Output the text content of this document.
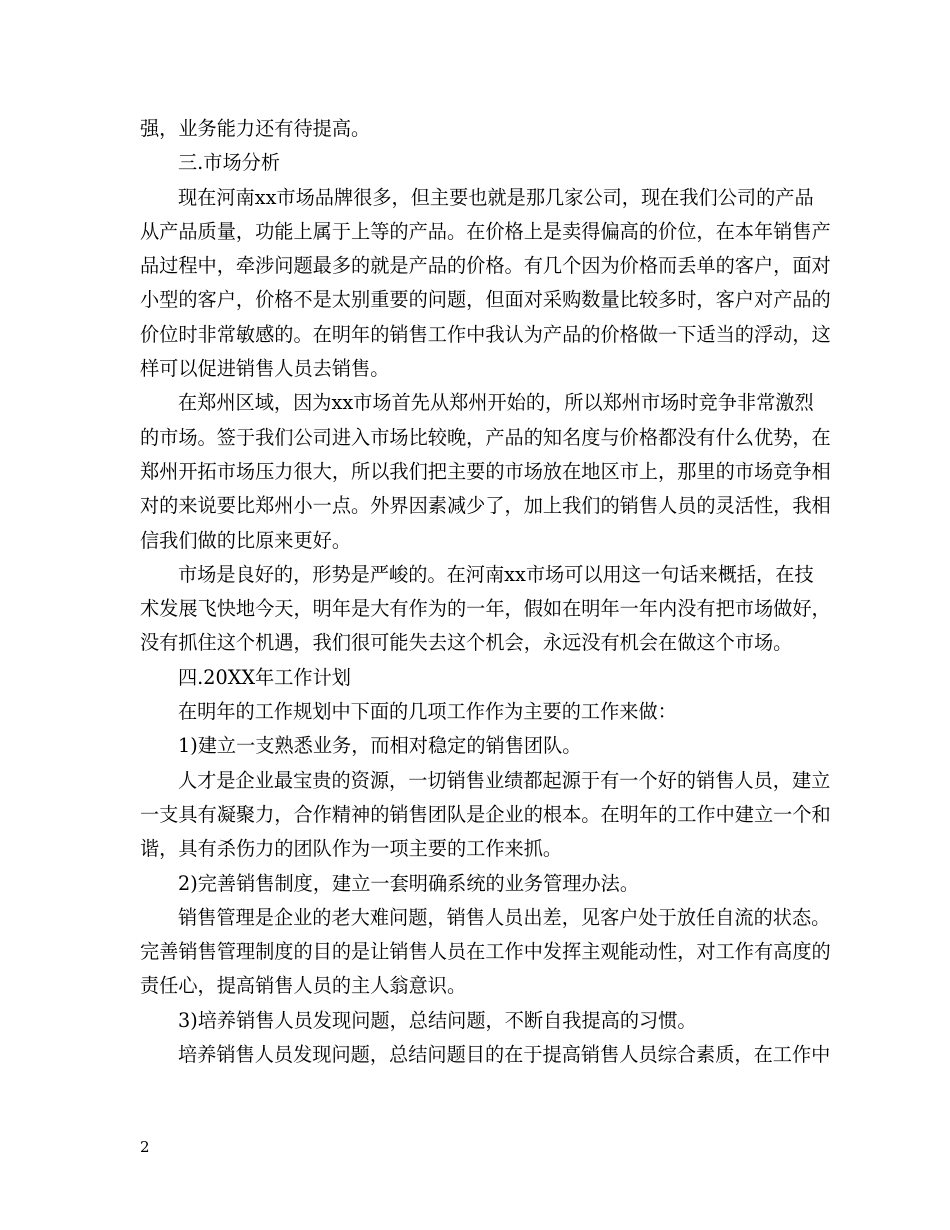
强，业务能力还有待提高。
三.市场分析
现在河南xx市场品牌很多，但主要也就是那几家公司，现在我们公司的产品
从产品质量，功能上属于上等的产品。在价格上是卖得偏高的价位，在本年销售产
品过程中，牵涉问题最多的就是产品的价格。有几个因为价格而丢单的客户，面对
小型的客户，价格不是太别重要的问题，但面对采购数量比较多时，客户对产品的
价位时非常敏感的。在明年的销售工作中我认为产品的价格做一下适当的浮动，这
样可以促进销售人员去销售。
在郑州区域，因为xx市场首先从郑州开始的，所以郑州市场时竞争非常激烈
的市场。签于我们公司进入市场比较晚，产品的知名度与价格都没有什么优势，在
郑州开拓市场压力很大，所以我们把主要的市场放在地区市上，那里的市场竞争相
对的来说要比郑州小一点。外界因素减少了，加上我们的销售人员的灵活性，我相
信我们做的比原来更好。
市场是良好的，形势是严峻的。在河南xx市场可以用这一句话来概括，在技
术发展飞快地今天，明年是大有作为的一年，假如在明年一年内没有把市场做好，
没有抓住这个机遇，我们很可能失去这个机会，永远没有机会在做这个市场。
四.20XX年工作计划
在明年的工作规划中下面的几项工作作为主要的工作来做：
1)建立一支熟悉业务，而相对稳定的销售团队。
人才是企业最宝贵的资源，一切销售业绩都起源于有一个好的销售人员，建立
一支具有凝聚力，合作精神的销售团队是企业的根本。在明年的工作中建立一个和
谐，具有杀伤力的团队作为一项主要的工作来抓。
2)完善销售制度，建立一套明确系统的业务管理办法。
销售管理是企业的老大难问题，销售人员出差，见客户处于放任自流的状态。
完善销售管理制度的目的是让销售人员在工作中发挥主观能动性，对工作有高度的
责任心，提高销售人员的主人翁意识。
3)培养销售人员发现问题，总结问题，不断自我提高的习惯。
培养销售人员发现问题，总结问题目的在于提高销售人员综合素质，在工作中
2
